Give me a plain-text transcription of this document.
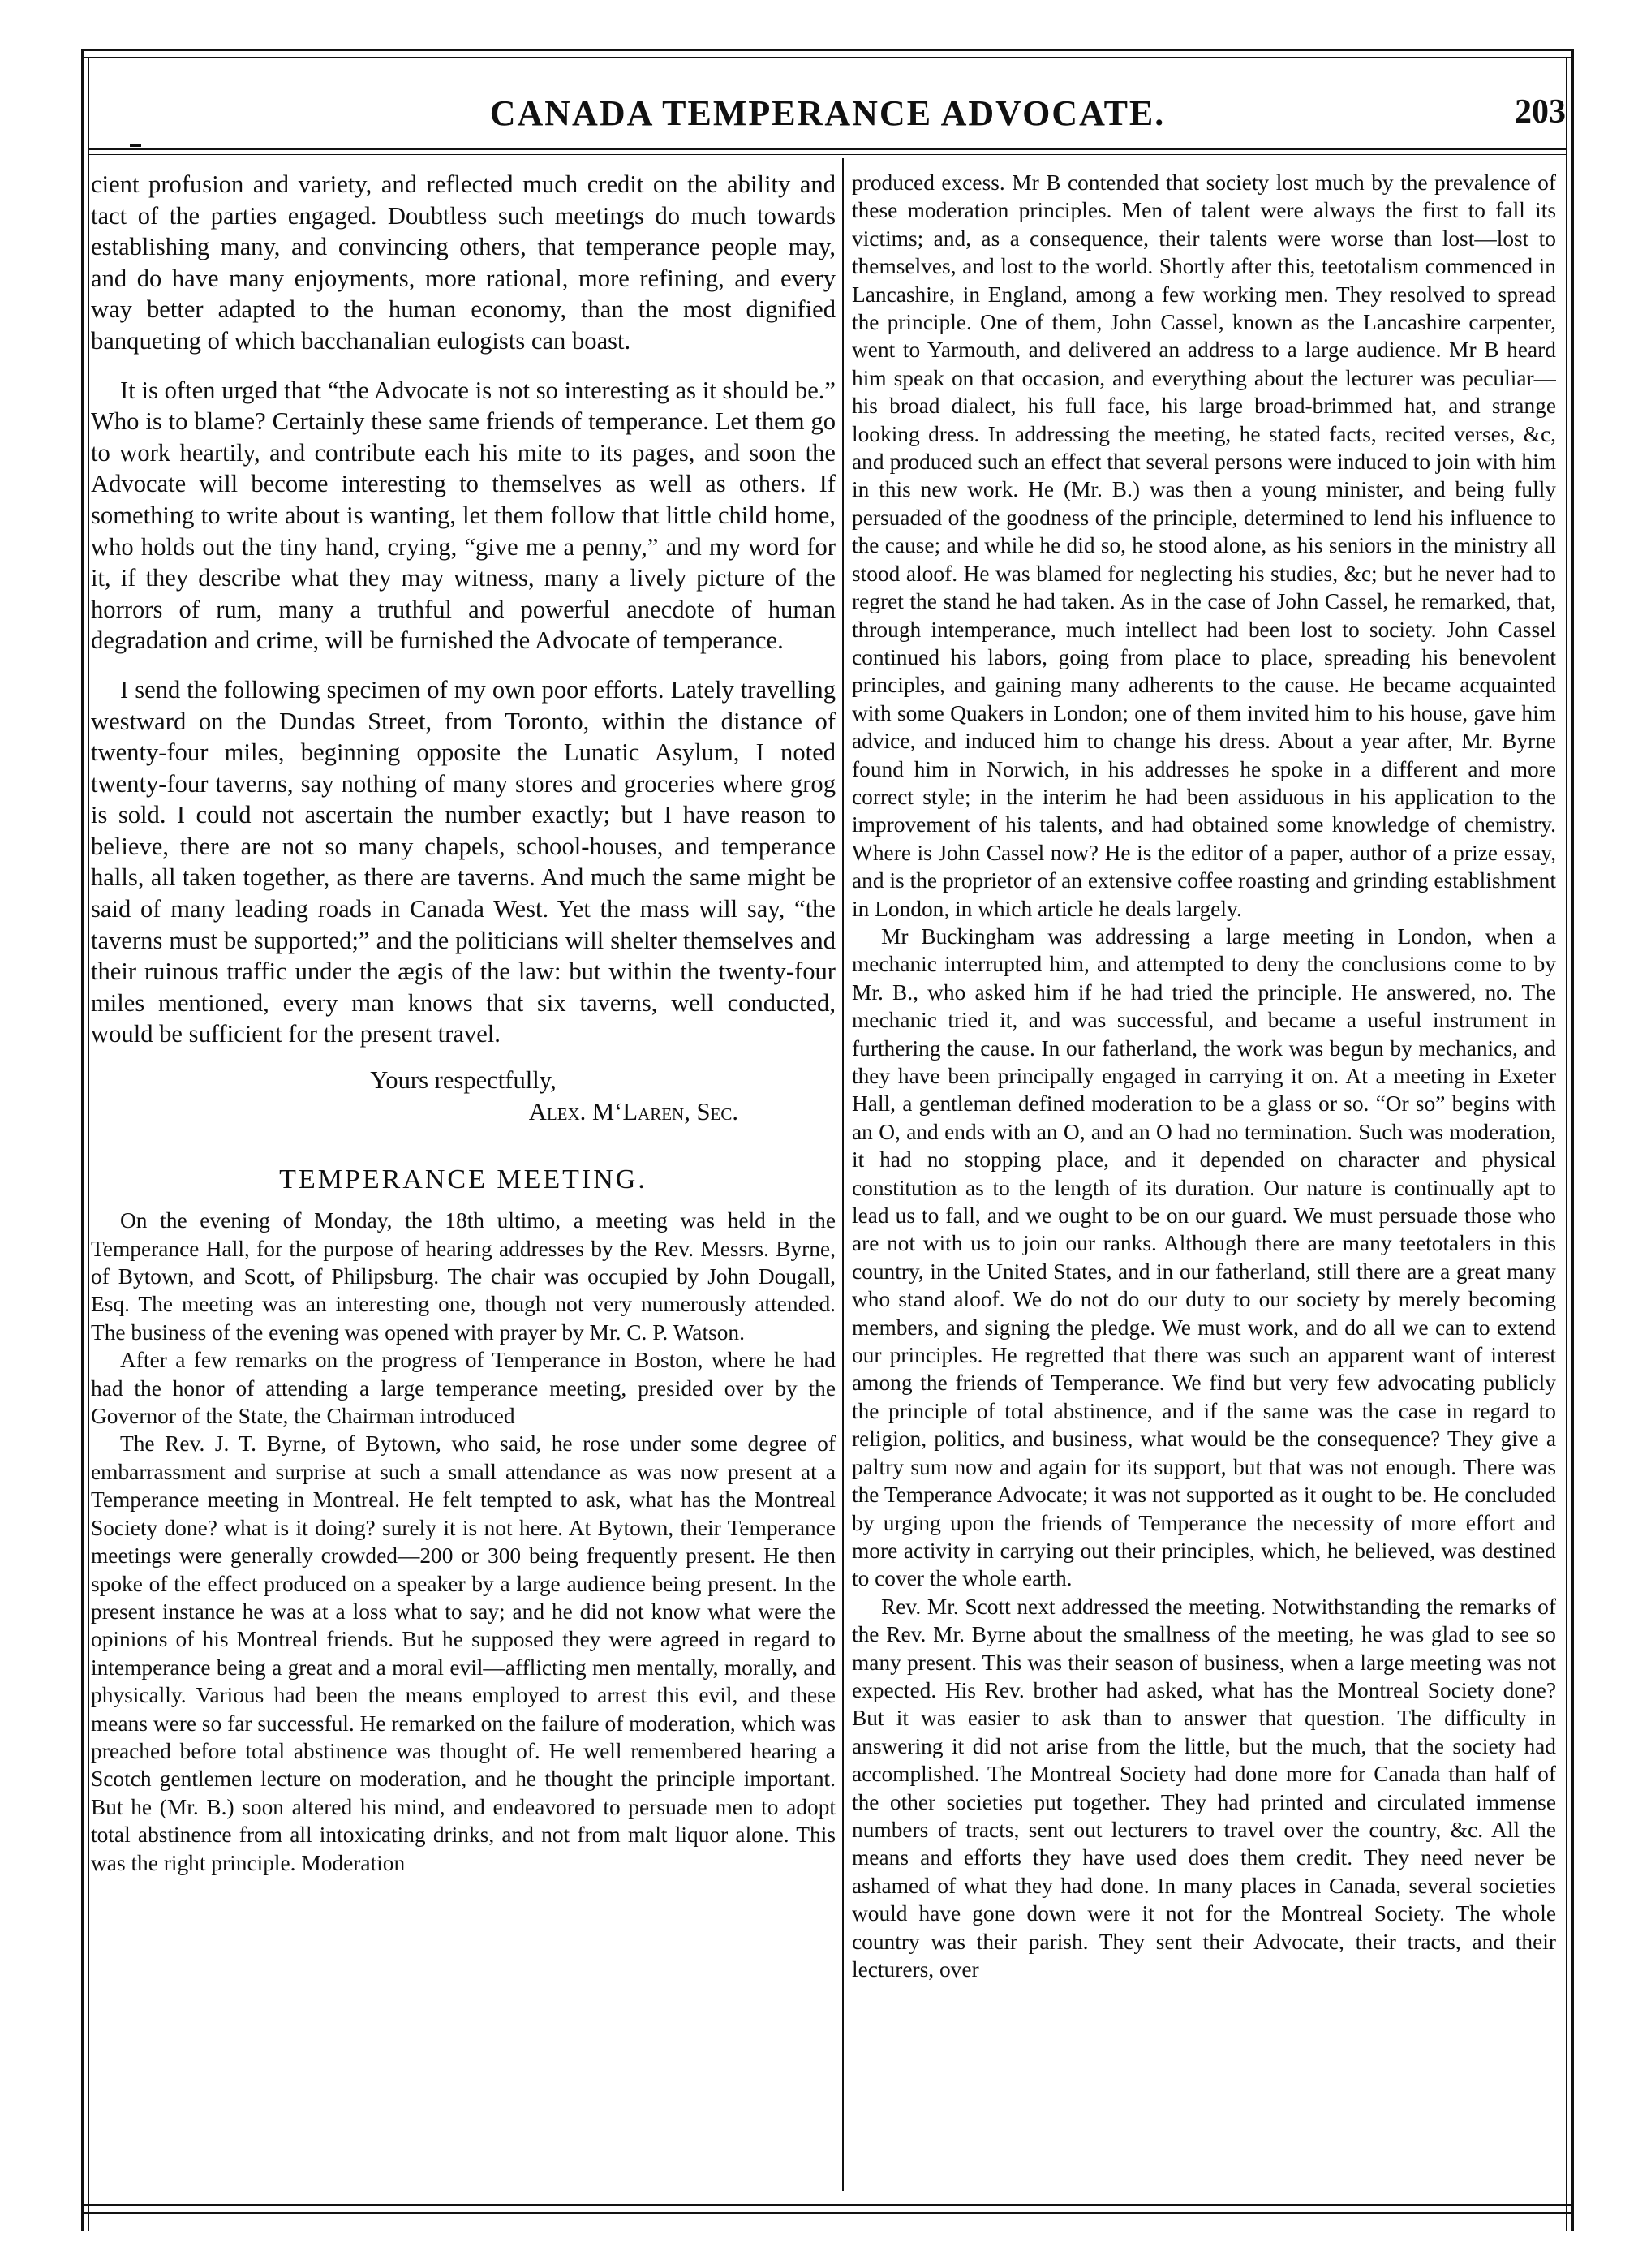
CANADA TEMPERANCE ADVOCATE.	203

cient profusion and variety, and reflected much credit on the ability and tact of the parties engaged. Doubtless such meetings do much towards establishing many, and convincing others, that temperance people may, and do have many enjoyments, more rational, more refining, and every way better adapted to the human economy, than the most dignified banqueting of which bacchanalian eulogists can boast.

It is often urged that “the Advocate is not so interesting as it should be.” Who is to blame? Certainly these same friends of temperance. Let them go to work heartily, and contribute each his mite to its pages, and soon the Advocate will become interesting to themselves as well as others. If something to write about is wanting, let them follow that little child home, who holds out the tiny hand, crying, “give me a penny,” and my word for it, if they describe what they may witness, many a lively picture of the horrors of rum, many a truthful and powerful anecdote of human degradation and crime, will be furnished the Advocate of temperance.

I send the following specimen of my own poor efforts. Lately travelling westward on the Dundas Street, from Toronto, within the distance of twenty-four miles, beginning opposite the Lunatic Asylum, I noted twenty-four taverns, say nothing of many stores and groceries where grog is sold. I could not ascertain the number exactly; but I have reason to believe, there are not so many chapels, school-houses, and temperance halls, all taken together, as there are taverns. And much the same might be said of many leading roads in Canada West. Yet the mass will say, “the taverns must be supported;” and the politicians will shelter themselves and their ruinous traffic under the ægis of the law: but within the twenty-four miles mentioned, every man knows that six taverns, well conducted, would be sufficient for the present travel.

Yours respectfully,

Alex. M‘Laren, Sec.

TEMPERANCE MEETING.

On the evening of Monday, the 18th ultimo, a meeting was held in the Temperance Hall, for the purpose of hearing addresses by the Rev. Messrs. Byrne, of Bytown, and Scott, of Philipsburg. The chair was occupied by John Dougall, Esq. The meeting was an interesting one, though not very numerously attended. The business of the evening was opened with prayer by Mr. C. P. Watson.

After a few remarks on the progress of Temperance in Boston, where he had had the honor of attending a large temperance meeting, presided over by the Governor of the State, the Chairman introduced

The Rev. J. T. Byrne, of Bytown, who said, he rose under some degree of embarrassment and surprise at such a small attendance as was now present at a Temperance meeting in Montreal. He felt tempted to ask, what has the Montreal Society done? what is it doing? surely it is not here. At Bytown, their Temperance meetings were generally crowded—200 or 300 being frequently present. He then spoke of the effect produced on a speaker by a large audience being present. In the present instance he was at a loss what to say; and he did not know what were the opinions of his Montreal friends. But he supposed they were agreed in regard to intemperance being a great and a moral evil—afflicting men mentally, morally, and physically. Various had been the means employed to arrest this evil, and these means were so far successful. He remarked on the failure of moderation, which was preached before total abstinence was thought of. He well remembered hearing a Scotch gentlemen lecture on moderation, and he thought the principle important. But he (Mr. B.) soon altered his mind, and endeavored to persuade men to adopt total abstinence from all intoxicating drinks, and not from malt liquor alone. This was the right principle. Moderation

produced excess. Mr B contended that society lost much by the prevalence of these moderation principles. Men of talent were always the first to fall its victims; and, as a consequence, their talents were worse than lost—lost to themselves, and lost to the world. Shortly after this, teetotalism commenced in Lancashire, in England, among a few working men. They resolved to spread the principle. One of them, John Cassel, known as the Lancashire carpenter, went to Yarmouth, and delivered an address to a large audience. Mr B heard him speak on that occasion, and everything about the lecturer was peculiar—his broad dialect, his full face, his large broad-brimmed hat, and strange looking dress. In addressing the meeting, he stated facts, recited verses, &c, and produced such an effect that several persons were induced to join with him in this new work. He (Mr. B.) was then a young minister, and being fully persuaded of the goodness of the principle, determined to lend his influence to the cause; and while he did so, he stood alone, as his seniors in the ministry all stood aloof. He was blamed for neglecting his studies, &c; but he never had to regret the stand he had taken. As in the case of John Cassel, he remarked, that, through intemperance, much intellect had been lost to society. John Cassel continued his labors, going from place to place, spreading his benevolent principles, and gaining many adherents to the cause. He became acquainted with some Quakers in London; one of them invited him to his house, gave him advice, and induced him to change his dress. About a year after, Mr. Byrne found him in Norwich, in his addresses he spoke in a different and more correct style; in the interim he had been assiduous in his application to the improvement of his talents, and had obtained some knowledge of chemistry. Where is John Cassel now? He is the editor of a paper, author of a prize essay, and is the proprietor of an extensive coffee roasting and grinding establishment in London, in which article he deals largely.

Mr Buckingham was addressing a large meeting in London, when a mechanic interrupted him, and attempted to deny the conclusions come to by Mr. B., who asked him if he had tried the principle. He answered, no. The mechanic tried it, and was successful, and became a useful instrument in furthering the cause. In our fatherland, the work was begun by mechanics, and they have been principally engaged in carrying it on. At a meeting in Exeter Hall, a gentleman defined moderation to be a glass or so. “Or so” begins with an O, and ends with an O, and an O had no termination. Such was moderation, it had no stopping place, and it depended on character and physical constitution as to the length of its duration. Our nature is continually apt to lead us to fall, and we ought to be on our guard. We must persuade those who are not with us to join our ranks. Although there are many teetotalers in this country, in the United States, and in our fatherland, still there are a great many who stand aloof. We do not do our duty to our society by merely becoming members, and signing the pledge. We must work, and do all we can to extend our principles. He regretted that there was such an apparent want of interest among the friends of Temperance. We find but very few advocating publicly the principle of total abstinence, and if the same was the case in regard to religion, politics, and business, what would be the consequence? They give a paltry sum now and again for its support, but that was not enough. There was the Temperance Advocate; it was not supported as it ought to be. He concluded by urging upon the friends of Temperance the necessity of more effort and more activity in carrying out their principles, which, he believed, was destined to cover the whole earth.

Rev. Mr. Scott next addressed the meeting. Notwithstanding the remarks of the Rev. Mr. Byrne about the smallness of the meeting, he was glad to see so many present. This was their season of business, when a large meeting was not expected. His Rev. brother had asked, what has the Montreal Society done? But it was easier to ask than to answer that question. The difficulty in answering it did not arise from the little, but the much, that the society had accomplished. The Montreal Society had done more for Canada than half of the other societies put together. They had printed and circulated immense numbers of tracts, sent out lecturers to travel over the country, &c. All the means and efforts they have used does them credit. They need never be ashamed of what they had done. In many places in Canada, several societies would have gone down were it not for the Montreal Society. The whole country was their parish. They sent their Advocate, their tracts, and their lecturers, over
